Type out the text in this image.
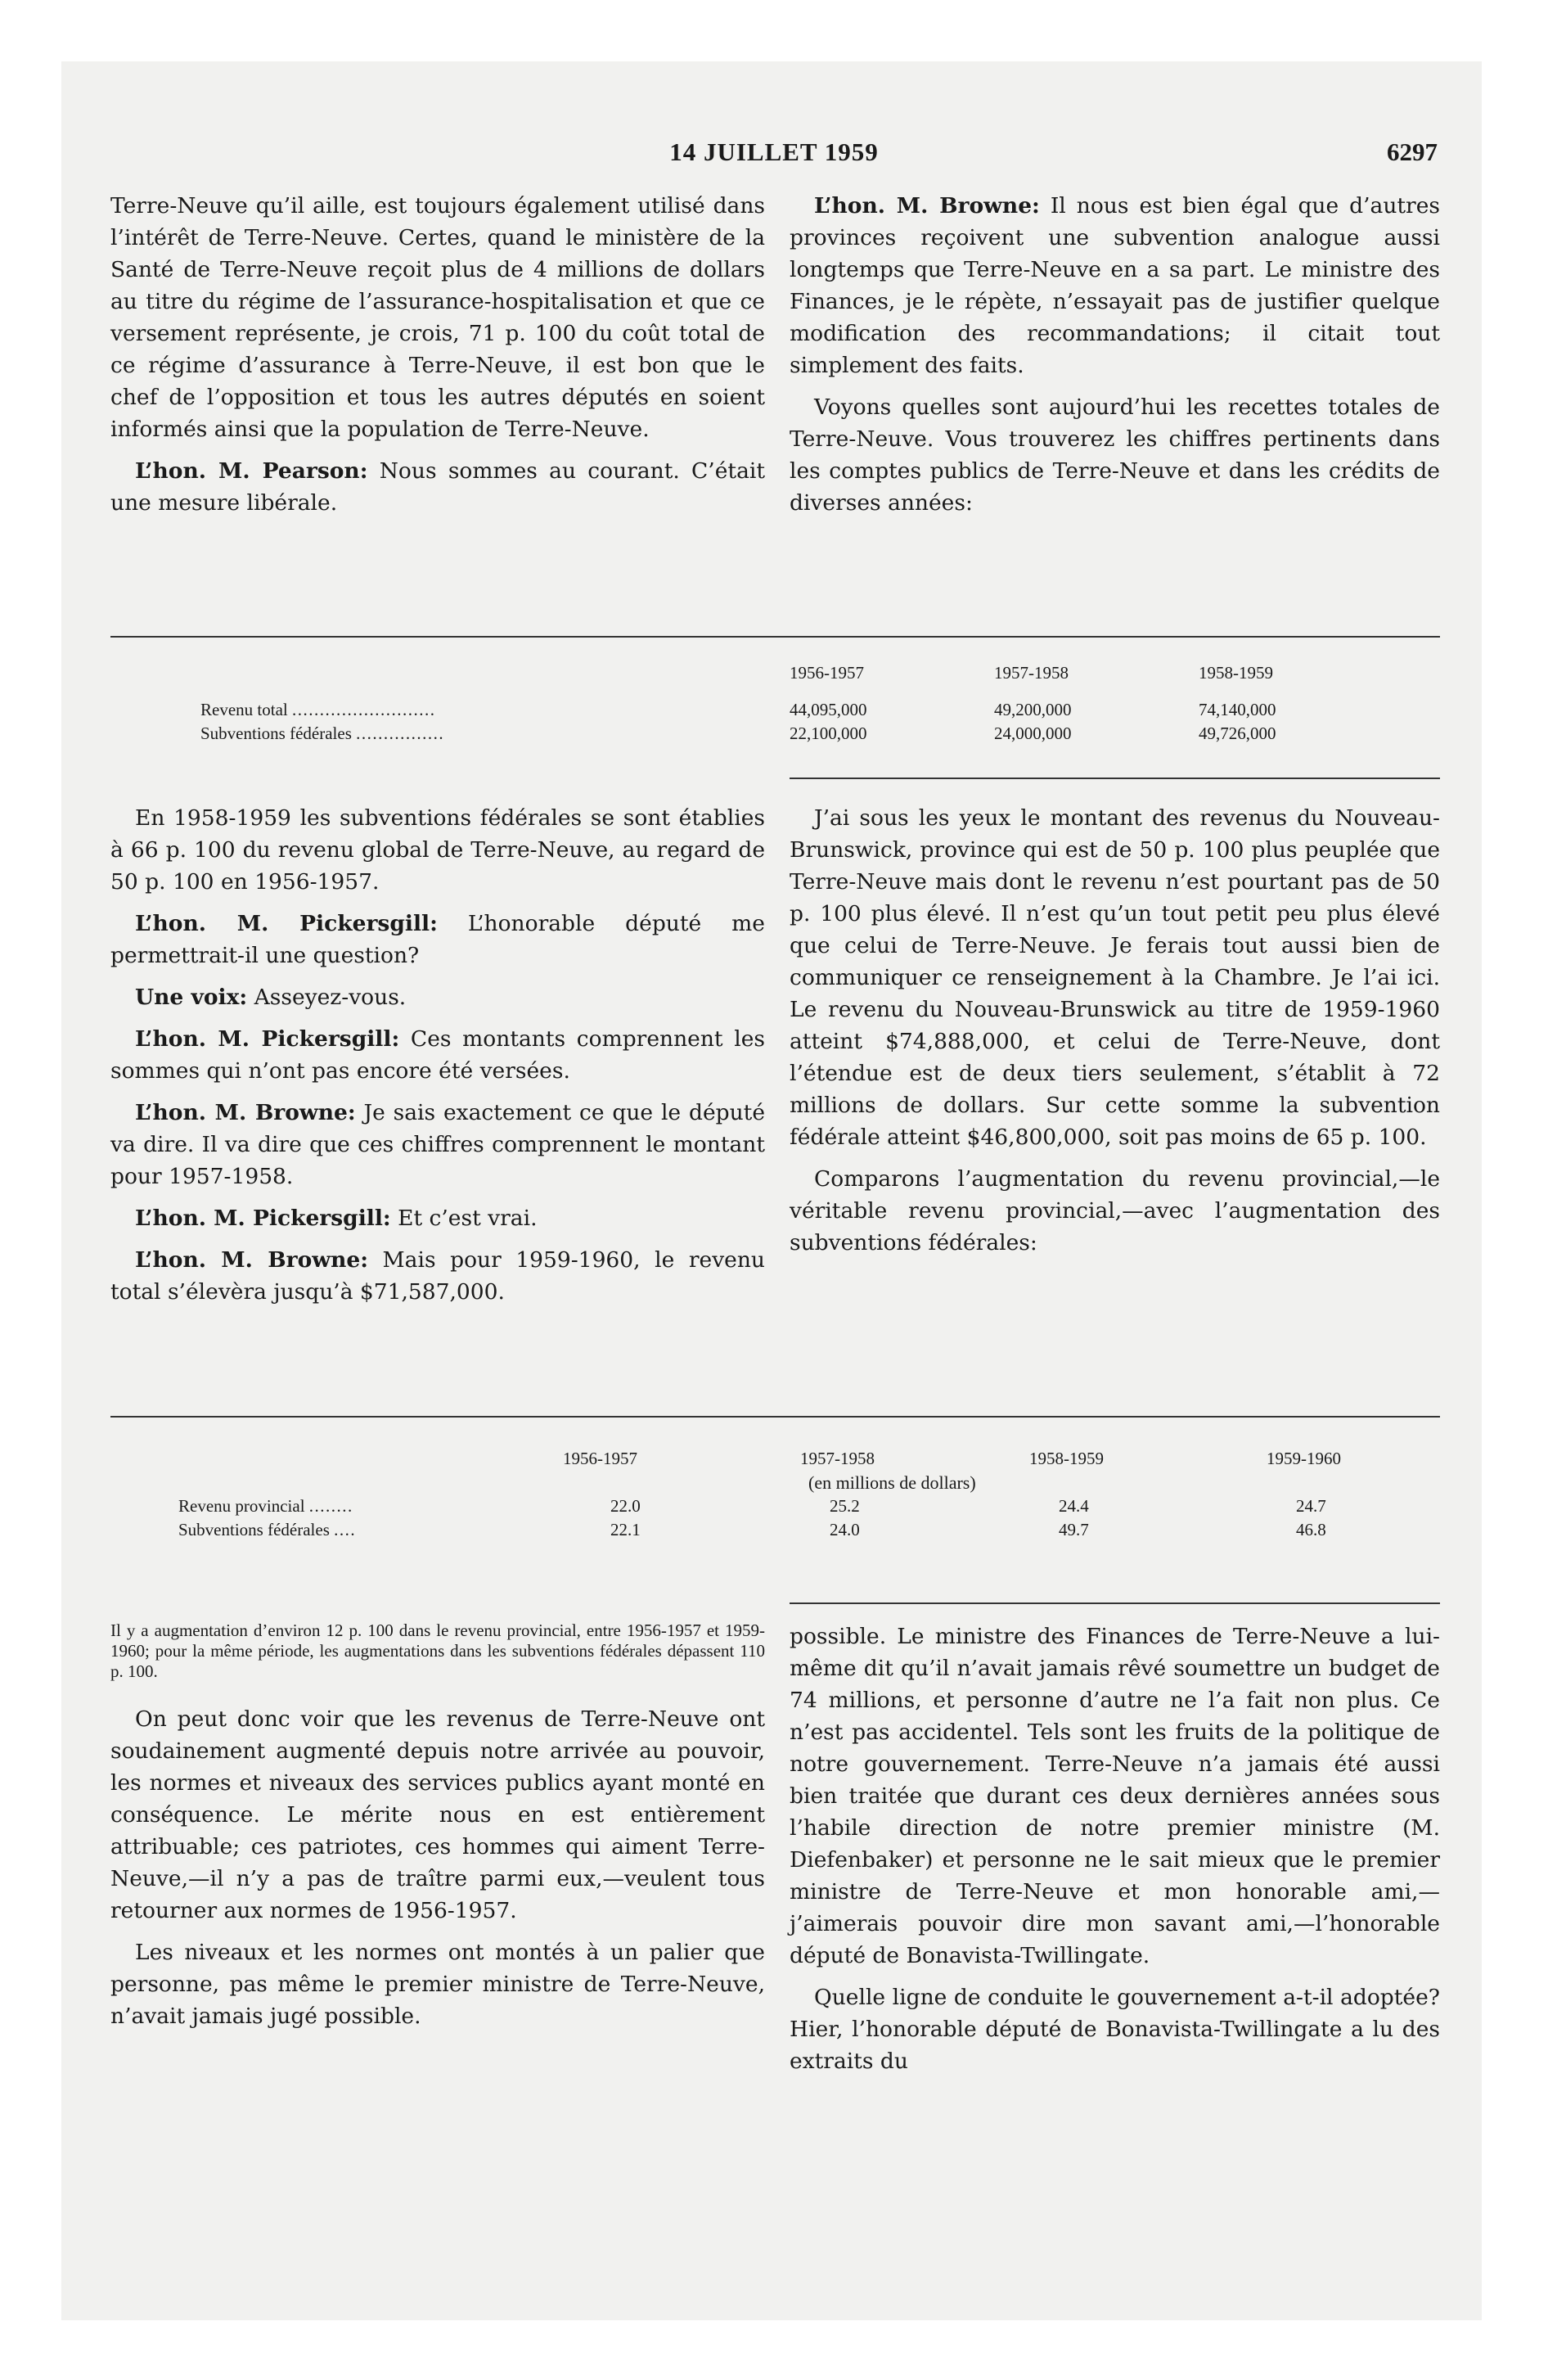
14 JUILLET 1959	6297

Terre-Neuve qu’il aille, est toujours également utilisé dans l’intérêt de Terre-Neuve. Certes, quand le ministère de la Santé de Terre-Neuve reçoit plus de 4 millions de dollars au titre du régime de l’assurance-hospitalisation et que ce versement représente, je crois, 71 p. 100 du coût total de ce régime d’assurance à Terre-Neuve, il est bon que le chef de l’opposition et tous les autres députés en soient informés ainsi que la population de Terre-Neuve.

L’hon. M. Pearson: Nous sommes au courant. C’était une mesure libérale.

L’hon. M. Browne: Il nous est bien égal que d’autres provinces reçoivent une subvention analogue aussi longtemps que Terre-Neuve en a sa part. Le ministre des Finances, je le répète, n’essayait pas de justifier quelque modification des recommandations; il citait tout simplement des faits.

Voyons quelles sont aujourd’hui les recettes totales de Terre-Neuve. Vous trouverez les chiffres pertinents dans les comptes publics de Terre-Neuve et dans les crédits de diverses années:

	1956-1957	1957-1958	1958-1959
Revenu total ..........................	44,095,000	49,200,000	74,140,000
Subventions fédérales ................	22,100,000	24,000,000	49,726,000

En 1958-1959 les subventions fédérales se sont établies à 66 p. 100 du revenu global de Terre-Neuve, au regard de 50 p. 100 en 1956-1957.

L’hon. M. Pickersgill: L’honorable député me permettrait-il une question?

Une voix: Asseyez-vous.

L’hon. M. Pickersgill: Ces montants comprennent les sommes qui n’ont pas encore été versées.

L’hon. M. Browne: Je sais exactement ce que le député va dire. Il va dire que ces chiffres comprennent le montant pour 1957-1958.

L’hon. M. Pickersgill: Et c’est vrai.

L’hon. M. Browne: Mais pour 1959-1960, le revenu total s’élevèra jusqu’à $71,587,000.

J’ai sous les yeux le montant des revenus du Nouveau-Brunswick, province qui est de 50 p. 100 plus peuplée que Terre-Neuve mais dont le revenu n’est pourtant pas de 50 p. 100 plus élevé. Il n’est qu’un tout petit peu plus élevé que celui de Terre-Neuve. Je ferais tout aussi bien de communiquer ce renseignement à la Chambre. Je l’ai ici. Le revenu du Nouveau-Brunswick au titre de 1959-1960 atteint $74,888,000, et celui de Terre-Neuve, dont l’étendue est de deux tiers seulement, s’établit à 72 millions de dollars. Sur cette somme la subvention fédérale atteint $46,800,000, soit pas moins de 65 p. 100.

Comparons l’augmentation du revenu provincial,—le véritable revenu provincial,—avec l’augmentation des subventions fédérales:

	1956-1957	1957-1958	1958-1959	1959-1960
		(en millions de dollars)		
Revenu provincial ........	22.0	25.2	24.4	24.7
Subventions fédérales ....	22.1	24.0	49.7	46.8
Il y a augmentation d’environ 12 p. 100 dans le revenu provincial, entre 1956-1957 et 1959-1960; pour la même période, les augmentations dans les subventions fédérales dépassent 110 p. 100.

On peut donc voir que les revenus de Terre-Neuve ont soudainement augmenté depuis notre arrivée au pouvoir, les normes et niveaux des services publics ayant monté en conséquence. Le mérite nous en est entièrement attribuable; ces patriotes, ces hommes qui aiment Terre-Neuve,—il n’y a pas de traître parmi eux,—veulent tous retourner aux normes de 1956-1957.

Les niveaux et les normes ont montés à un palier que personne, pas même le premier ministre de Terre-Neuve, n’avait jamais jugé possible.

possible. Le ministre des Finances de Terre-Neuve a lui-même dit qu’il n’avait jamais rêvé soumettre un budget de 74 millions, et personne d’autre ne l’a fait non plus. Ce n’est pas accidentel. Tels sont les fruits de la politique de notre gouvernement. Terre-Neuve n’a jamais été aussi bien traitée que durant ces deux dernières années sous l’habile direction de notre premier ministre (M. Diefenbaker) et personne ne le sait mieux que le premier ministre de Terre-Neuve et mon honorable ami,—j’aimerais pouvoir dire mon savant ami,—l’honorable député de Bonavista-Twillingate.

Quelle ligne de conduite le gouvernement a-t-il adoptée? Hier, l’honorable député de Bonavista-Twillingate a lu des extraits du
